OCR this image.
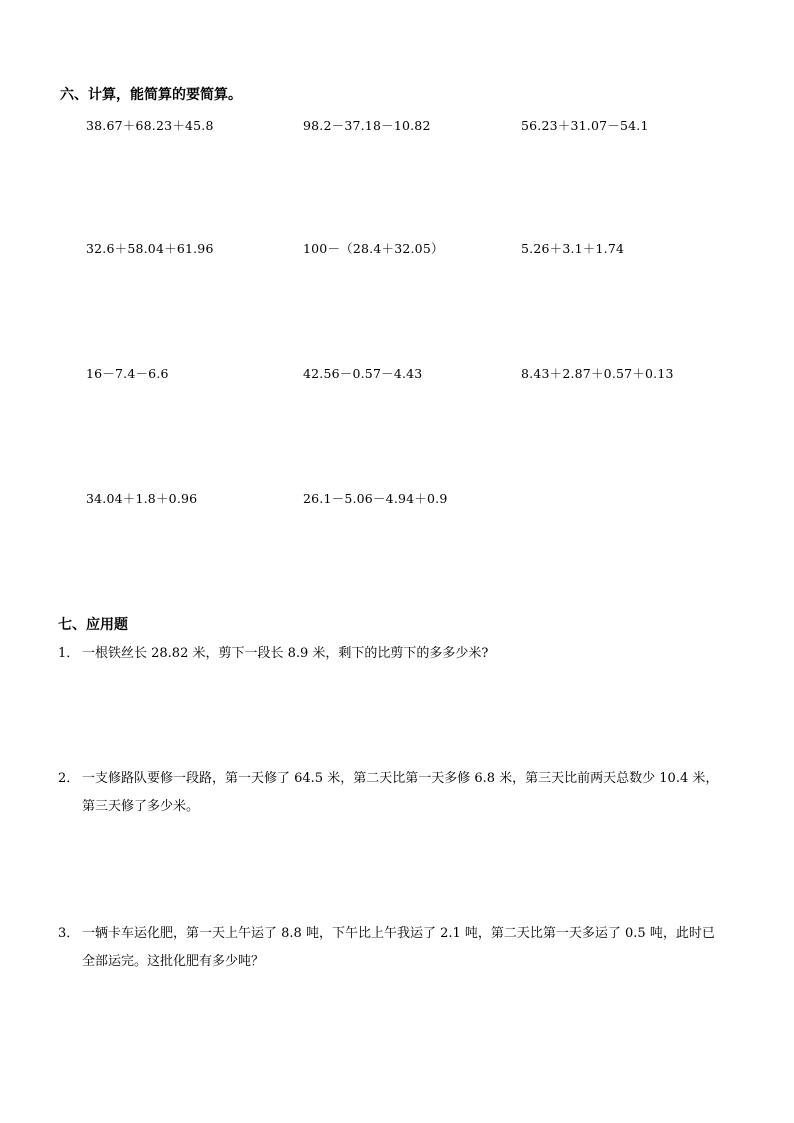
六、计算，能简算的要简算。
38.67＋68.23＋45.8	98.2－37.18－10.82	56.23＋31.07－54.1
32.6＋58.04＋61.96	100－（28.4＋32.05）	5.26＋3.1＋1.74
16－7.4－6.6	42.56－0.57－4.43	8.43＋2.87＋0.57＋0.13
34.04＋1.8＋0.96	26.1－5.06－4.94＋0.9
七、应用题
1． 一根铁丝长 28.82 米，剪下一段长 8.9 米，剩下的比剪下的多多少米?
2． 一支修路队要修一段路，第一天修了 64.5 米，第二天比第一天多修 6.8 米，第三天比前两天总数少 10.4 米，
第三天修了多少米。
3． 一辆卡车运化肥，第一天上午运了 8.8 吨，下午比上午我运了 2.1 吨，第二天比第一天多运了 0.5 吨，此时已
全部运完。这批化肥有多少吨？
